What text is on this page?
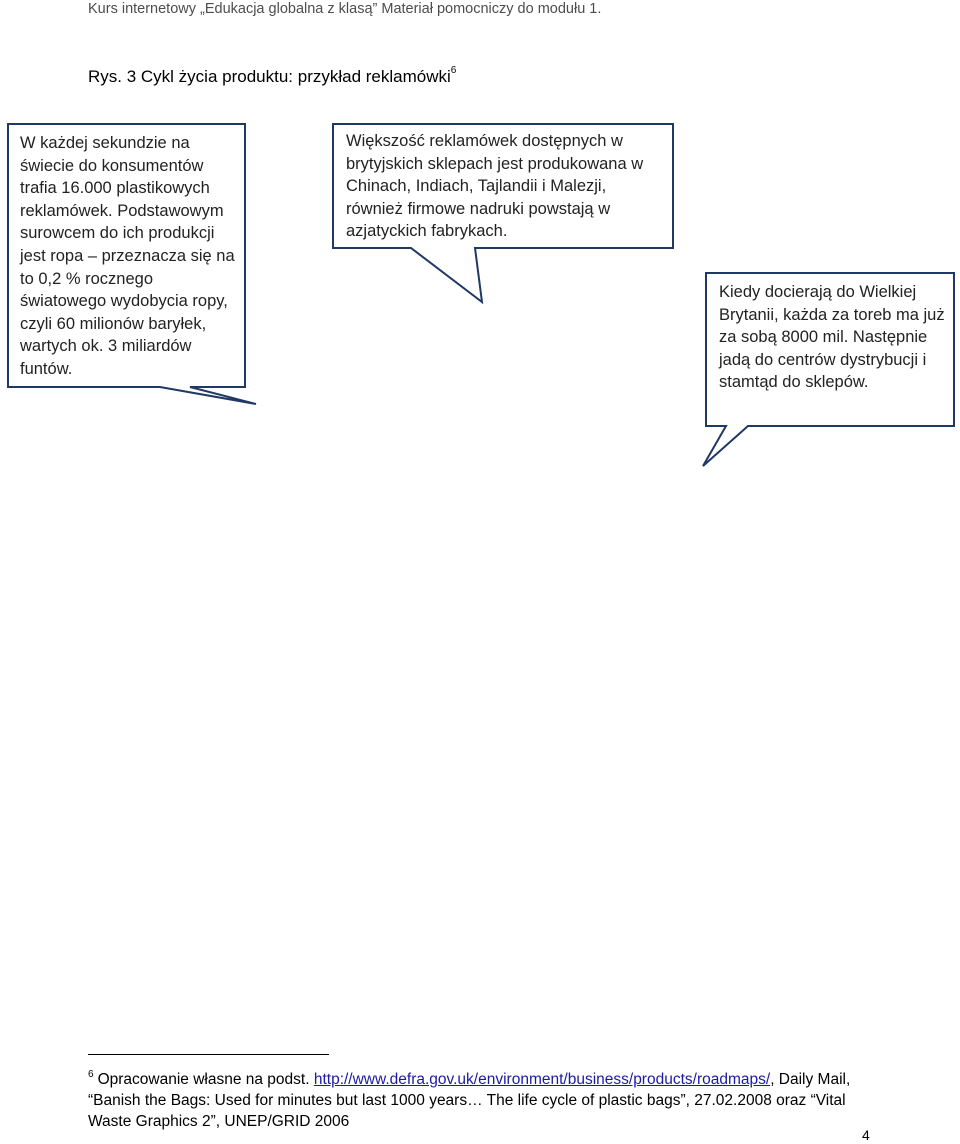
Kurs internetowy „Edukacja globalna z klasą” Materiał pomocniczy do modułu 1.
Rys. 3 Cykl życia produktu: przykład reklamówki$^6$
W każdej sekundzie na świecie do konsumentów trafia 16.000 plastikowych reklamówek. Podstawowym surowcem do ich produkcji jest ropa – przeznacza się na to 0,2 % rocznego światowego wydobycia ropy, czyli 60 milionów baryłek, wartych ok. 3 miliardów funtów.
Większość reklamówek dostępnych w brytyjskich sklepach jest produkowana w Chinach, Indiach, Tajlandii i Malezji, również firmowe nadruki powstają w azjatyckich fabrykach.
Kiedy docierają do Wielkiej Brytanii, każda za toreb ma już za sobą 8000 mil. Następnie jadą do centrów dystrybucji i stamtąd do sklepów.
$^6$ Opracowanie własne na podst. http://www.defra.gov.uk/environment/business/products/roadmaps/, Daily Mail, “Banish the Bags: Used for minutes but last 1000 years… The life cycle of plastic bags”, 27.02.2008 oraz “Vital Waste Graphics 2”, UNEP/GRID 2006
4
